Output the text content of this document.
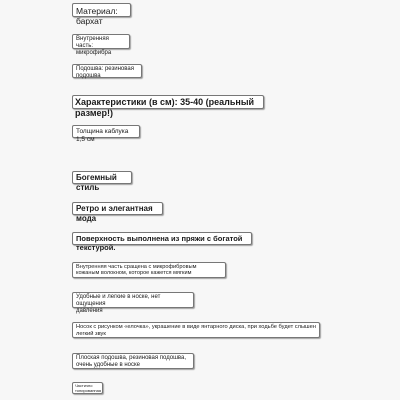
Материал: бархат
Внутренняя часть:
микрофибра
Подошва: резиновая
подошва
Характеристики (в см): 35-40 (реальный размер!)
Толщина каблука 1,5 см
Богемный стиль
Ретро и элегантная мода
Поверхность выполнена из пряжи с богатой текстурой.
Внутренняя часть сращена с микрофибровым
кожаным волокном, которое кажется мягким
Удобные и легкие в носке, нет ощущения
давления
Носок с рисунком «елочка», украшение в виде янтарного диска, при ходьбе будет слышен
легкий звук
Плоская подошва, резиновая подошва,
очень удобные в носке
Частично
тонированная
